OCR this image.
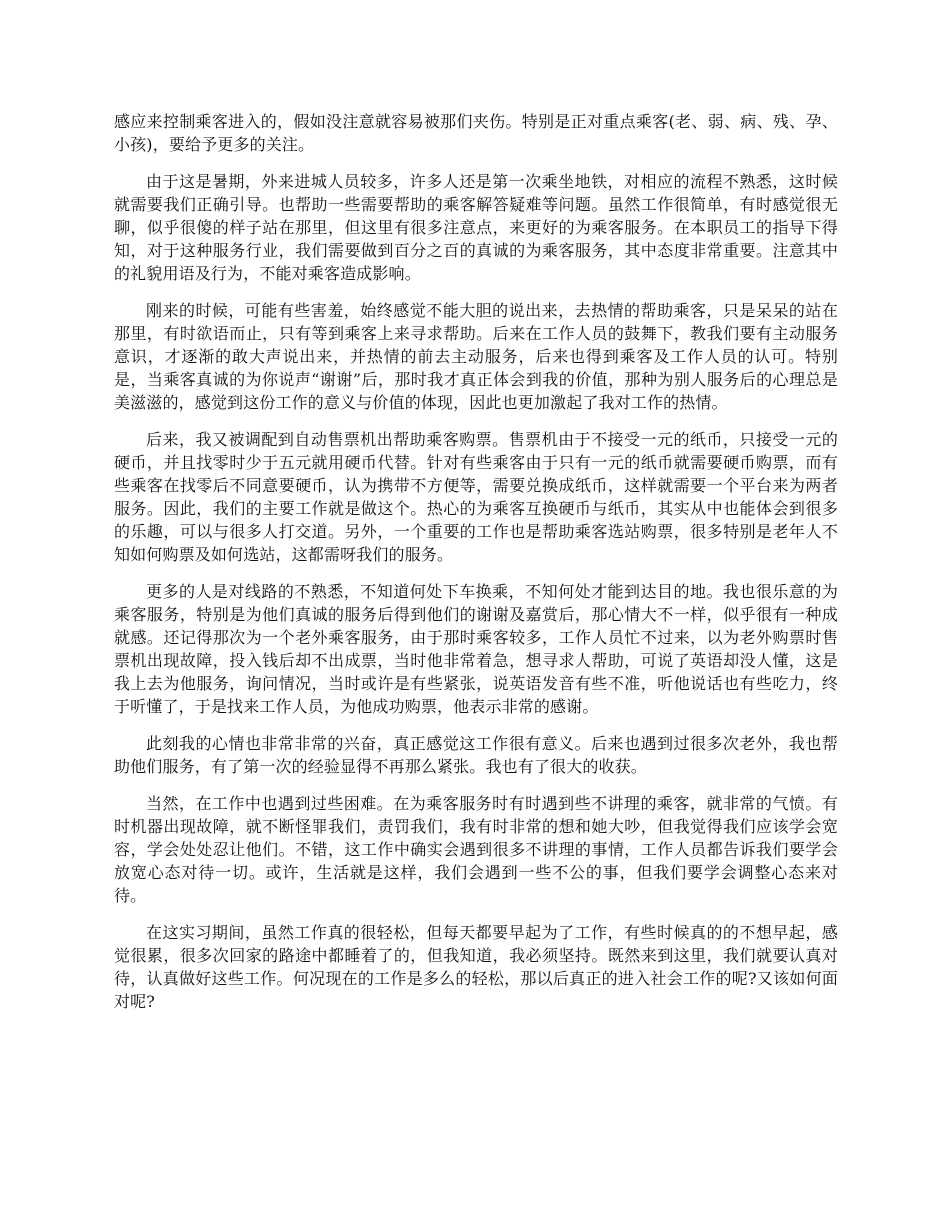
感应来控制乘客进入的，假如没注意就容易被那们夹伤。特别是正对重点乘客(老、弱、病、残、孕、小孩)，要给予更多的关注。

由于这是暑期，外来进城人员较多，许多人还是第一次乘坐地铁，对相应的流程不熟悉，这时候就需要我们正确引导。也帮助一些需要帮助的乘客解答疑难等问题。虽然工作很简单，有时感觉很无聊，似乎很傻的样子站在那里，但这里有很多注意点，来更好的为乘客服务。在本职员工的指导下得知，对于这种服务行业，我们需要做到百分之百的真诚的为乘客服务，其中态度非常重要。注意其中的礼貌用语及行为，不能对乘客造成影响。

刚来的时候，可能有些害羞，始终感觉不能大胆的说出来，去热情的帮助乘客，只是呆呆的站在那里，有时欲语而止，只有等到乘客上来寻求帮助。后来在工作人员的鼓舞下，教我们要有主动服务意识，才逐渐的敢大声说出来，并热情的前去主动服务，后来也得到乘客及工作人员的认可。特别是，当乘客真诚的为你说声“谢谢”后，那时我才真正体会到我的价值，那种为别人服务后的心理总是美滋滋的，感觉到这份工作的意义与价值的体现，因此也更加激起了我对工作的热情。

后来，我又被调配到自动售票机出帮助乘客购票。售票机由于不接受一元的纸币，只接受一元的硬币，并且找零时少于五元就用硬币代替。针对有些乘客由于只有一元的纸币就需要硬币购票，而有些乘客在找零后不同意要硬币，认为携带不方便等，需要兑换成纸币，这样就需要一个平台来为两者服务。因此，我们的主要工作就是做这个。热心的为乘客互换硬币与纸币，其实从中也能体会到很多的乐趣，可以与很多人打交道。另外，一个重要的工作也是帮助乘客选站购票，很多特别是老年人不知如何购票及如何选站，这都需呀我们的服务。

更多的人是对线路的不熟悉，不知道何处下车换乘，不知何处才能到达目的地。我也很乐意的为乘客服务，特别是为他们真诚的服务后得到他们的谢谢及嘉赏后，那心情大不一样，似乎很有一种成就感。还记得那次为一个老外乘客服务，由于那时乘客较多，工作人员忙不过来，以为老外购票时售票机出现故障，投入钱后却不出成票，当时他非常着急，想寻求人帮助，可说了英语却没人懂，这是我上去为他服务，询问情况，当时或许是有些紧张，说英语发音有些不准，听他说话也有些吃力，终于听懂了，于是找来工作人员，为他成功购票，他表示非常的感谢。

此刻我的心情也非常非常的兴奋，真正感觉这工作很有意义。后来也遇到过很多次老外，我也帮助他们服务，有了第一次的经验显得不再那么紧张。我也有了很大的收获。

当然，在工作中也遇到过些困难。在为乘客服务时有时遇到些不讲理的乘客，就非常的气愤。有时机器出现故障，就不断怪罪我们，责罚我们，我有时非常的想和她大吵，但我觉得我们应该学会宽容，学会处处忍让他们。不错，这工作中确实会遇到很多不讲理的事情，工作人员都告诉我们要学会放宽心态对待一切。或许，生活就是这样，我们会遇到一些不公的事，但我们要学会调整心态来对待。

在这实习期间，虽然工作真的很轻松，但每天都要早起为了工作，有些时候真的的不想早起，感觉很累，很多次回家的路途中都睡着了的，但我知道，我必须坚持。既然来到这里，我们就要认真对待，认真做好这些工作。何况现在的工作是多么的轻松，那以后真正的进入社会工作的呢?又该如何面对呢?
